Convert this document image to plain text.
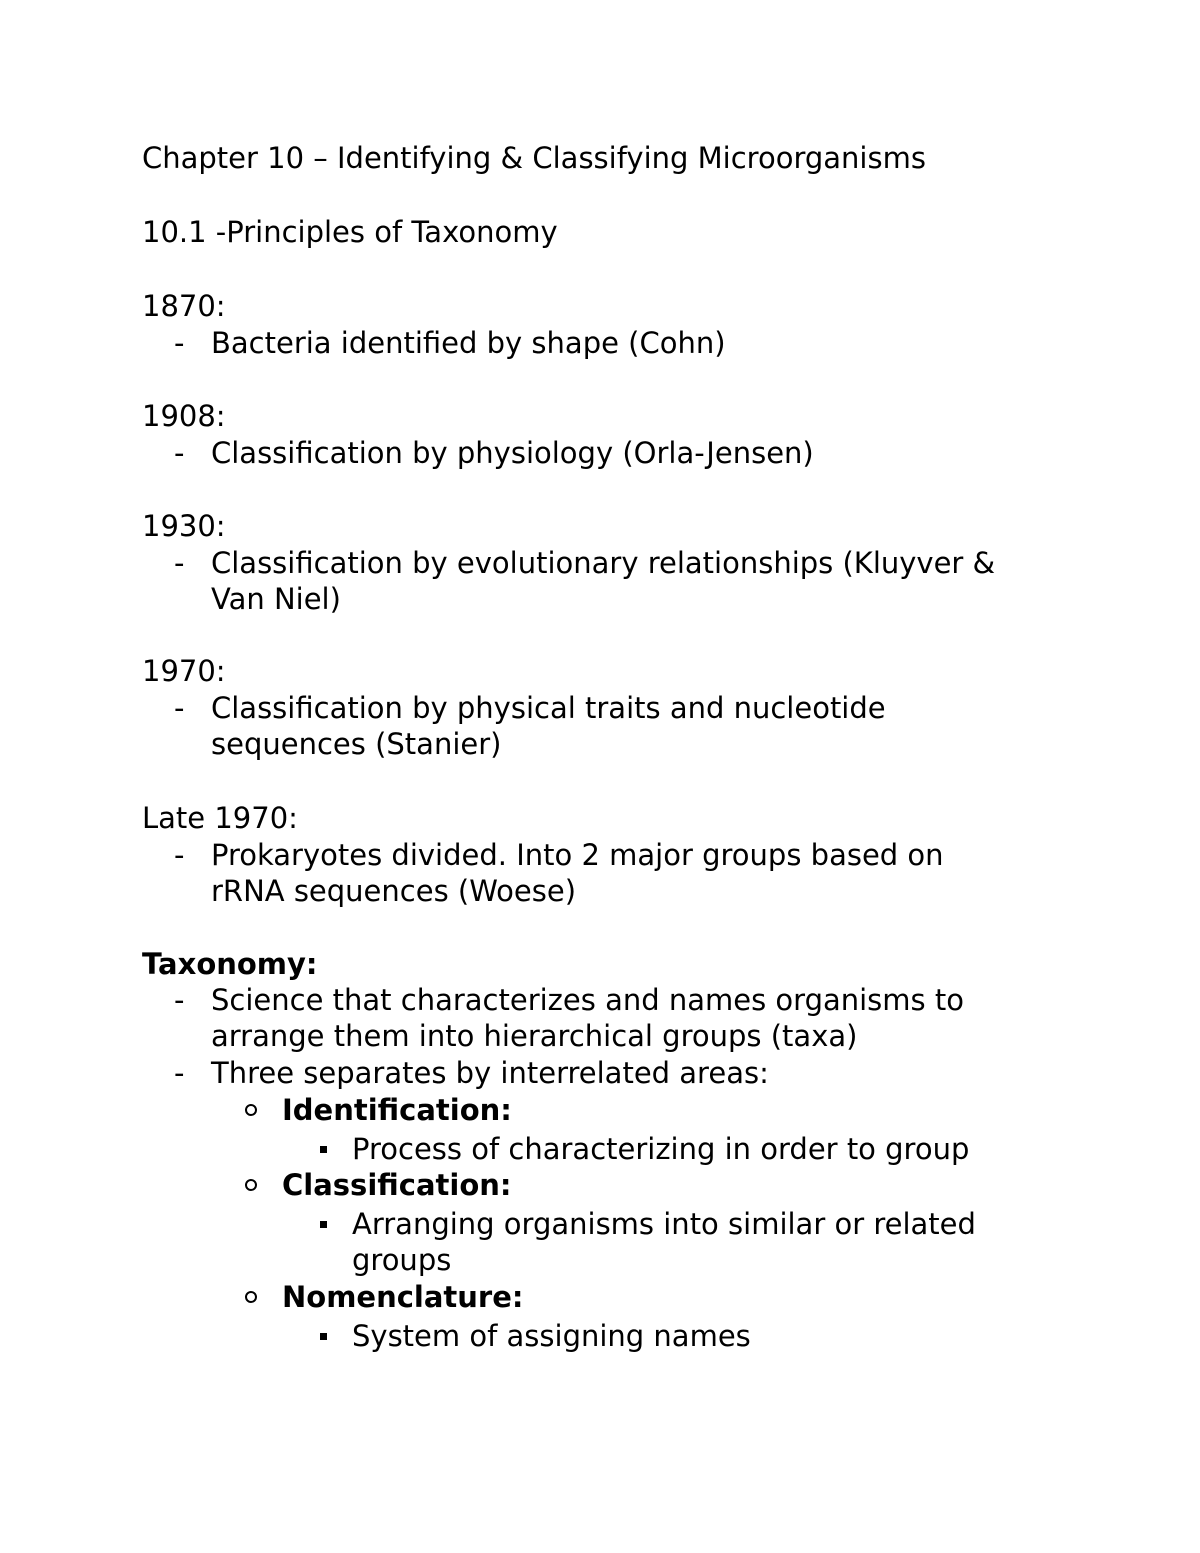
Chapter 10 – Identifying & Classifying Microorganisms
10.1 -Principles of Taxonomy
1870:
- Bacteria identified by shape (Cohn)
1908:
- Classification by physiology (Orla-Jensen)
1930:
- Classification by evolutionary relationships (Kluyver & Van Niel)
1970:
- Classification by physical traits and nucleotide sequences (Stanier)
Late 1970:
- Prokaryotes divided. Into 2 major groups based on rRNA sequences (Woese)
Taxonomy:
- Science that characterizes and names organisms to arrange them into hierarchical groups (taxa)
- Three separates by interrelated areas:
Identification:
Process of characterizing in order to group
Classification:
Arranging organisms into similar or related groups
Nomenclature:
System of assigning names
